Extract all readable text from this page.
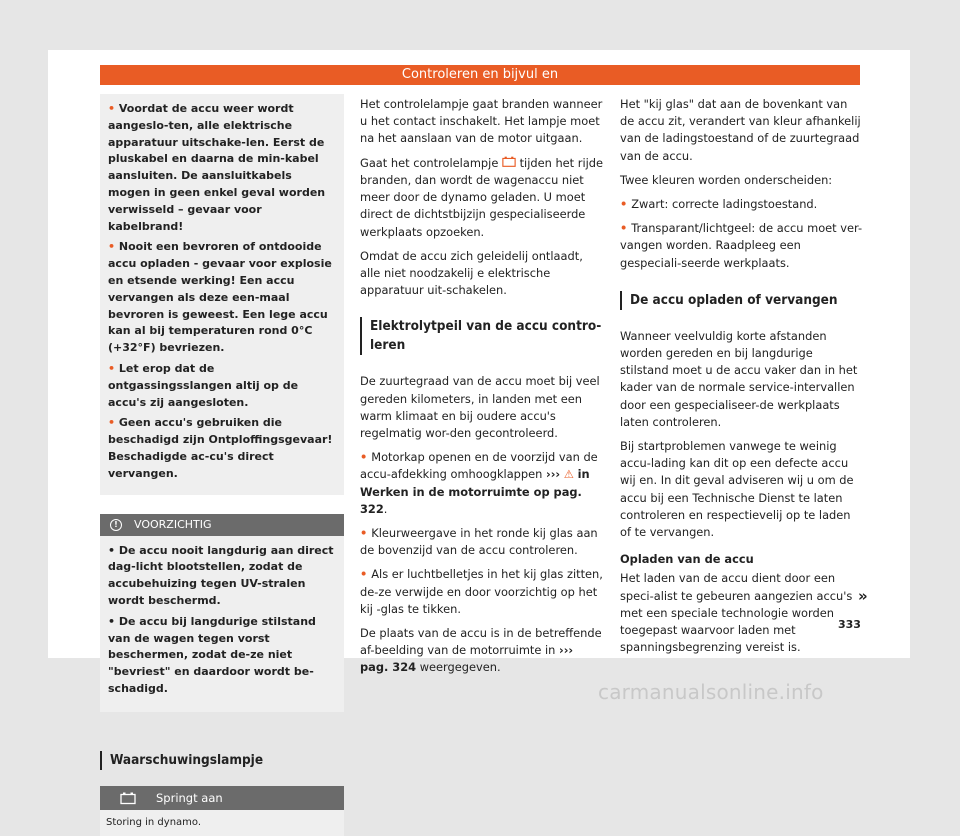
Controleren en bijvul en

• Voordat de accu weer wordt aangeslo-ten, alle elektrische apparatuur uitschake-len. Eerst de pluskabel en daarna de min-kabel aansluiten. De aansluitkabels mogen in geen enkel geval worden verwisseld – gevaar voor kabelbrand!

• Nooit een bevroren of ontdooide accu opladen - gevaar voor explosie en etsende werking! Een accu vervangen als deze een-maal bevroren is geweest. Een lege accu kan al bij temperaturen rond 0°C (+32°F) bevriezen.

• Let erop dat de ontgassingsslangen altij op de accu's zij aangesloten.

• Geen accu's gebruiken die beschadigd zijn Ontploffingsgevaar! Beschadigde ac-cu's direct vervangen.

!	VOORZICHTIG

• De accu nooit langdurig aan direct dag-licht blootstellen, zodat de accubehuizing tegen UV-stralen wordt beschermd.

• De accu bij langdurige stilstand van de wagen tegen vorst beschermen, zodat de-ze niet "bevriest" en daardoor wordt be-schadigd.

Waarschuwingslampje
Springt aan
Storing in dynamo.

Het controlelampje gaat branden wanneer u het contact inschakelt. Het lampje moet na het aanslaan van de motor uitgaan.

Gaat het controlelampje tijden het rijde branden, dan wordt de wagenaccu niet meer door de dynamo geladen. U moet direct de dichtstbijzijn gespecialiseerde werkplaats opzoeken.

Omdat de accu zich geleidelij ontlaadt, alle niet noodzakelij e elektrische apparatuur uit-schakelen.

Elektrolytpeil van de accu contro-leren

De zuurtegraad van de accu moet bij veel gereden kilometers, in landen met een warm klimaat en bij oudere accu's regelmatig wor-den gecontroleerd.

• Motorkap openen en de voorzijd van de accu-afdekking omhoogklappen ››› ⚠ in Werken in de motorruimte op pag. 322.

• Kleurweergave in het ronde kij glas aan de bovenzijd van de accu controleren.

• Als er luchtbelletjes in het kij glas zitten, de-ze verwijde en door voorzichtig op het kij -glas te tikken.

De plaats van de accu is in de betreffende af-beelding van de motorruimte in ››› pag. 324 weergegeven.

Het "kij glas" dat aan de bovenkant van de accu zit, verandert van kleur afhankelij van de ladingstoestand of de zuurtegraad van de accu.

Twee kleuren worden onderscheiden:

• Zwart: correcte ladingstoestand.

• Transparant/lichtgeel: de accu moet ver-vangen worden. Raadpleeg een gespeciali-seerde werkplaats.

De accu opladen of vervangen

Wanneer veelvuldig korte afstanden worden gereden en bij langdurige stilstand moet u de accu vaker dan in het kader van de normale service-intervallen door een gespecialiseer-de werkplaats laten controleren.

Bij startproblemen vanwege te weinig accu-lading kan dit op een defecte accu wij en. In dit geval adviseren wij u om de accu bij een Technische Dienst te laten controleren en respectievelij op te laden of te vervangen.

Opladen van de accu

Het laden van de accu dient door een speci-alist te gebeuren aangezien accu's met een speciale technologie worden toegepast waarvoor laden met spanningsbegrenzing vereist is.

»
333
carmanualsonline.info
